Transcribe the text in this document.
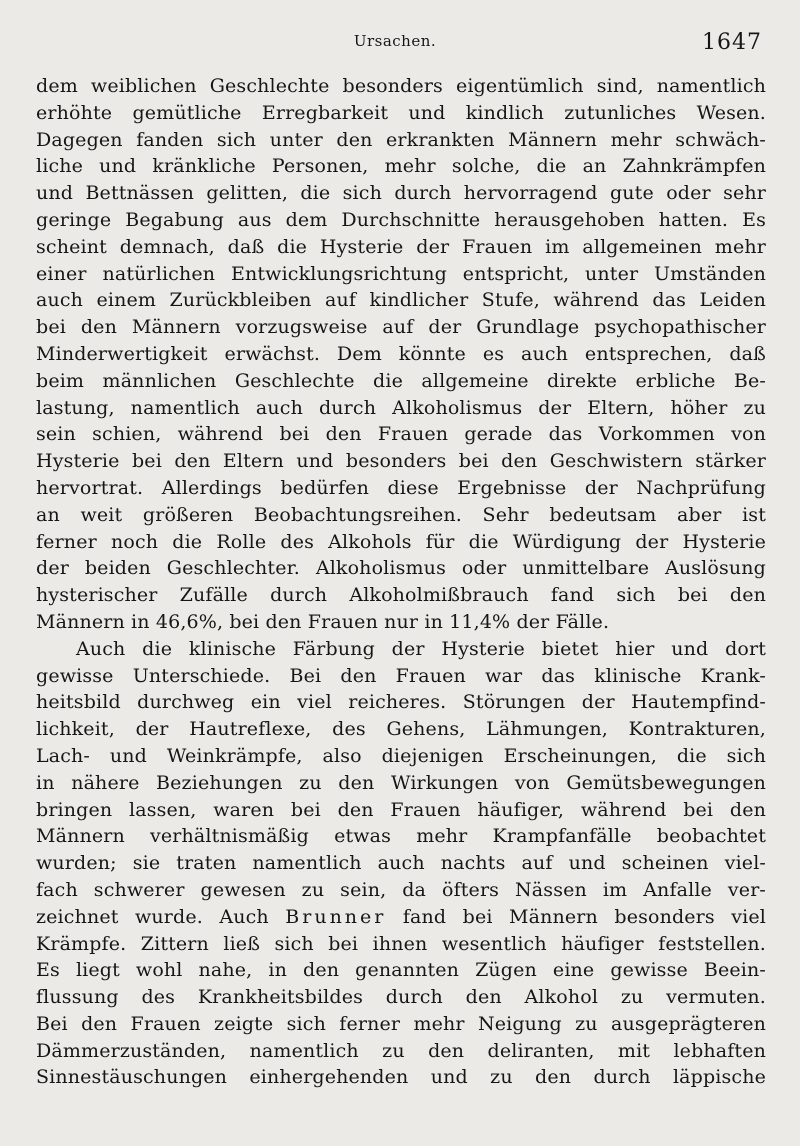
Ursachen.	1647
dem weiblichen Geschlechte besonders eigentümlich sind, namentlich
erhöhte gemütliche Erregbarkeit und kindlich zutunliches Wesen.
Dagegen fanden sich unter den erkrankten Männern mehr schwäch-
liche und kränkliche Personen, mehr solche, die an Zahnkrämpfen
und Bettnässen gelitten, die sich durch hervorragend gute oder sehr
geringe Begabung aus dem Durchschnitte herausgehoben hatten. Es
scheint demnach, daß die Hysterie der Frauen im allgemeinen mehr
einer natürlichen Entwicklungsrichtung entspricht, unter Umständen
auch einem Zurückbleiben auf kindlicher Stufe, während das Leiden
bei den Männern vorzugsweise auf der Grundlage psychopathischer
Minderwertigkeit erwächst. Dem könnte es auch entsprechen, daß
beim männlichen Geschlechte die allgemeine direkte erbliche Be-
lastung, namentlich auch durch Alkoholismus der Eltern, höher zu
sein schien, während bei den Frauen gerade das Vorkommen von
Hysterie bei den Eltern und besonders bei den Geschwistern stärker
hervortrat. Allerdings bedürfen diese Ergebnisse der Nachprüfung
an weit größeren Beobachtungsreihen. Sehr bedeutsam aber ist
ferner noch die Rolle des Alkohols für die Würdigung der Hysterie
der beiden Geschlechter. Alkoholismus oder unmittelbare Auslösung
hysterischer Zufälle durch Alkoholmißbrauch fand sich bei den
Männern in 46,6%, bei den Frauen nur in 11,4% der Fälle.
Auch die klinische Färbung der Hysterie bietet hier und dort
gewisse Unterschiede. Bei den Frauen war das klinische Krank-
heitsbild durchweg ein viel reicheres. Störungen der Hautempfind-
lichkeit, der Hautreflexe, des Gehens, Lähmungen, Kontrakturen,
Lach- und Weinkrämpfe, also diejenigen Erscheinungen, die sich
in nähere Beziehungen zu den Wirkungen von Gemütsbewegungen
bringen lassen, waren bei den Frauen häufiger, während bei den
Männern verhältnismäßig etwas mehr Krampfanfälle beobachtet
wurden; sie traten namentlich auch nachts auf und scheinen viel-
fach schwerer gewesen zu sein, da öfters Nässen im Anfalle ver-
zeichnet wurde. Auch Brunner fand bei Männern besonders viel
Krämpfe. Zittern ließ sich bei ihnen wesentlich häufiger feststellen.
Es liegt wohl nahe, in den genannten Zügen eine gewisse Beein-
flussung des Krankheitsbildes durch den Alkohol zu vermuten.
Bei den Frauen zeigte sich ferner mehr Neigung zu ausgeprägteren
Dämmerzuständen, namentlich zu den deliranten, mit lebhaften
Sinnestäuschungen einhergehenden und zu den durch läppische
